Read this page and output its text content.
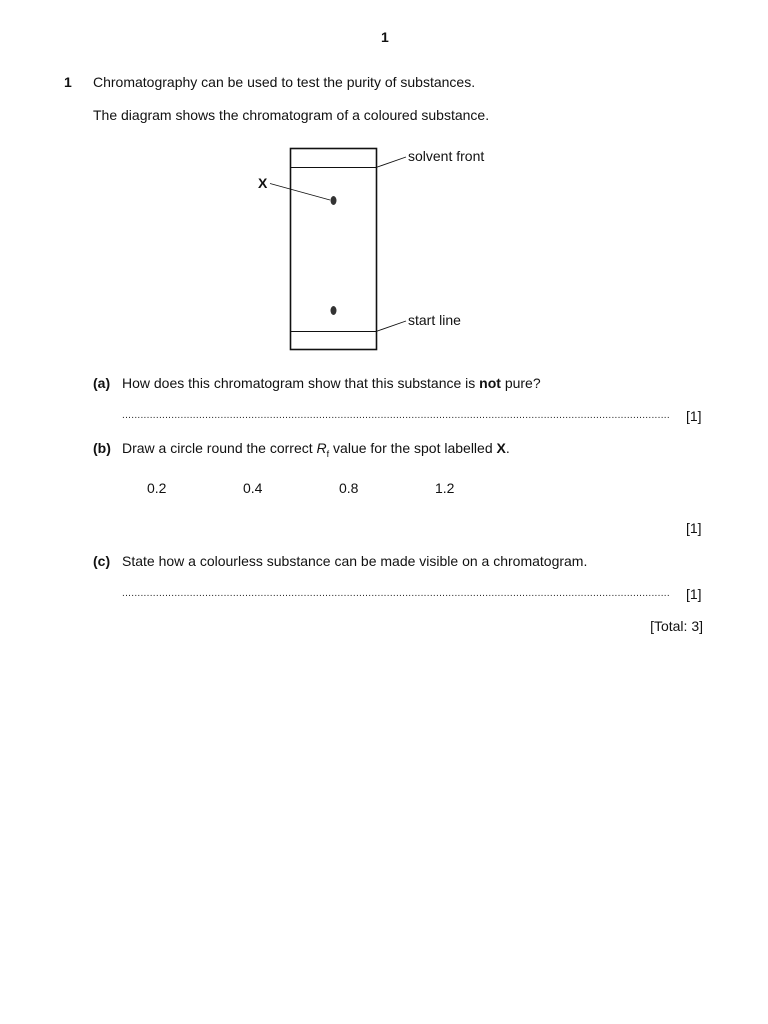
1
1 Chromatography can be used to test the purity of substances.
The diagram shows the chromatogram of a coloured substance.
X
solvent front
start line
(a) How does this chromatogram show that this substance is not pure?
.....
[1]
(b) Draw a circle round the correct $R_f$ value for the spot labelled X.
0.2	0.4	0.8	1.2
[1]
(c) State how a colourless substance can be made visible on a chromatogram.
.....
[1]
[Total: 3]
